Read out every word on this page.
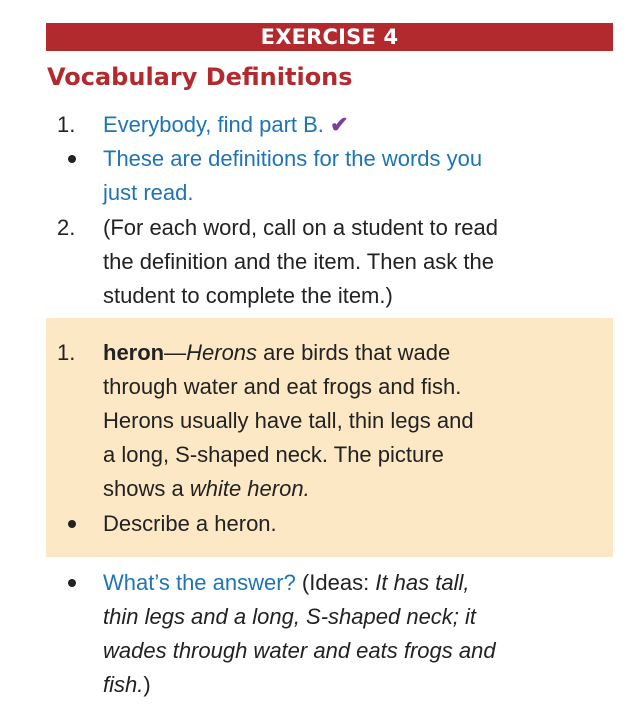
EXERCISE 4
Vocabulary Definitions
1. Everybody, find part B. ✔
These are definitions for the words you
just read.
2. (For each word, call on a student to read
the definition and the item. Then ask the
student to complete the item.)
1. heron—Herons are birds that wade
through water and eat frogs and fish.
Herons usually have tall, thin legs and
a long, S-shaped neck. The picture
shows a white heron.
Describe a heron.
What’s the answer? (Ideas: It has tall,
thin legs and a long, S-shaped neck; it
wades through water and eats frogs and
fish.)
